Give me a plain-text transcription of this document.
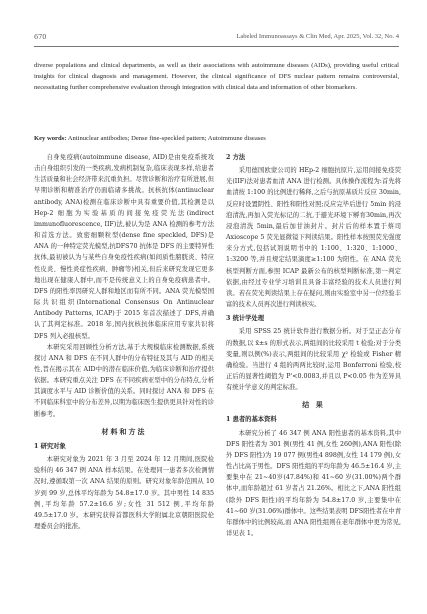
670	Labeled Immunoassays & Clin Med, Apr. 2025, Vol. 32, No. 4
diverse populations and clinical departments, as well as their associations with autoimmune diseases (AIDs), providing useful critical insights for clinical diagnosis and management. However, the clinical significance of DFS nuclear pattern remains controversial, necessitating further comprehensive evaluation through integration with clinical data and information of other biomarkers.
Key words: Antinuclear antibodies; Dense fine-speckled pattern; Autoimmune diseases

自身免疫病(autoimmune disease, AID)是由免疫系统攻击自身组织引发的一类疾病,发病机制复杂,临床表现多样,给患者生活质量和社会经济带来沉重负担。尽管诊断和治疗有所进展,但早期诊断和精准治疗仍面临诸多挑战。抗核抗体(antinuclear antibody, ANA)检测在临床诊断中具有重要价值,其检测是以 Hep-2 细胞为实验基质的间接免疫荧光法(indirect immunofluorescence, IIF)法,被认为是 ANA 检测的参考方法和首选方法。致密细颗粒型(dense fine speckled, DFS)是 ANA 的一种特定荧光模型,抗DFS70 抗体是 DFS 的主要特异性抗体,最初被认为与某些自身免疫性疾病(如间质性膀胱炎、特应性皮炎、慢性炎症性疾病、肿瘤等)相关,但后来研究发现它更多地出现在健康人群中,而不是传统意义上的自身免疫病患者中。DFS 的阳性率因研究人群和地区而有所不同。ANA 荧光模型国际共识组织(International Consensus On Antinuclear Antibody Patterns, ICAP)于 2015 年首次描述了 DFS,并确认了其判定标准。2018 年,国内抗核抗体临床应用专家共识将 DFS 列入必报核型。

本研究采用回顾性分析方法,基于大规模临床检测数据,系统探讨 ANA 和 DFS 在不同人群中的分布特征及其与 AID 的相关性,旨在揭示其在 AID中的潜在临床价值,为临床诊断和治疗提供依据。本研究重点关注 DFS 在不同疾病亚型中的分布特点,分析其滴度水平与 AID 诊断价值的关系。同时探讨 ANA 和 DFS 在不同临床科室中的分布差异,以期为临床医生提供更具针对性的诊断参考。

材料和方法

1 研究对象

本研究对象为 2021 年 3 月至 2024 年 12 月期间,医院检验科的 46 347 例 ANA 样本结果。在处理同一患者多次检测情况时,遵循取第一次 ANA 结果的原则。研究对象年龄范围从 10 岁到 99 岁,总体平均年龄为 54.8±17.0 岁。其中男性 14 835例,平均年龄 57.2±16.6 岁;女性 31 512 例,平均年龄 49.5±17.0 岁。本研究获得首都医科大学附属北京朝阳医院伦理委员会的批准。

2 方法

采用德国欧蒙公司的 HEp-2 细胞抗原片,运用间接免疫荧光(IIF)法对患者血清 ANA 进行检测。具体操作流程为:首先将血清按 1:100 的比例进行稀释,之后与抗原基质片反应 30min,反应时设置阴性、阳性和阳性对照;反应完毕后进行 5min 的浸泡清洗,再加入荧光标记的二抗,于避光环境下孵育30min,再次浸泡清洗 5min,最后加甘油封片。封片后的样本置于蔡司 Axioscope 5 荧光显微镜下判读结果。阳性样本按照荧光强度来分方式,包括试剂说明书中的 1:100、1:320、1:1000、1:3200 等,并且规定结果滴度≥1:100 为阳性。在 ANA 荧光核型判断方面,参照 ICAP 最新公布的核型判断标准,第一判定依据,由经过专业学习培训且具备丰富经验的技术人员进行判读。若在荧光判读结果上存在疑问,则由实验室中另一位经验丰富的技术人员再次进行判读核实。

3 统计学处理

采用 SPSS 25 统计软件进行数据分析。对于呈正态分布的数据,以 x̄±s 的形式表示,两组间的比较采用 t 检验;对于分类变量,则以例(%)表示,两组间的比较采用 χ² 检验或 Fisher 精确检验。当进行 4 组的两两比较时,运用 Bonferroni 检验,校正后的显著性阈值为 P'<0.0083,并且以 P<0.05 作为差异具有统计学意义的判定标准。

结 果

1 患者的基本资料

本研究分析了 46 347 例 ANA 阳性患者的基本资料,其中 DFS 阳性者为 301 例(男性 41 例,女性 260例),ANA 阳性(除外 DFS 阳性)为 19 077 例(男性4 898例,女性 14 179 例),女性占比高于男性。DFS 阳性组的平均年龄为 46.5±16.4 岁,主要集中在 21~40岁(47.84%)和 41~60 岁(31.00%)两个群体中,而年龄超过 61 岁者占 21.26%。相比之下,ANA 阳性组(除外 DFS 阳性)的平均年龄为 54.8±17.0 岁,主要集中在 41~60 岁(31.06%)群体中。这些结果表明 DFS阳性者在中青年群体中的比例较高,而 ANA 阳性组则在老年群体中更为常见,详见表 1。
